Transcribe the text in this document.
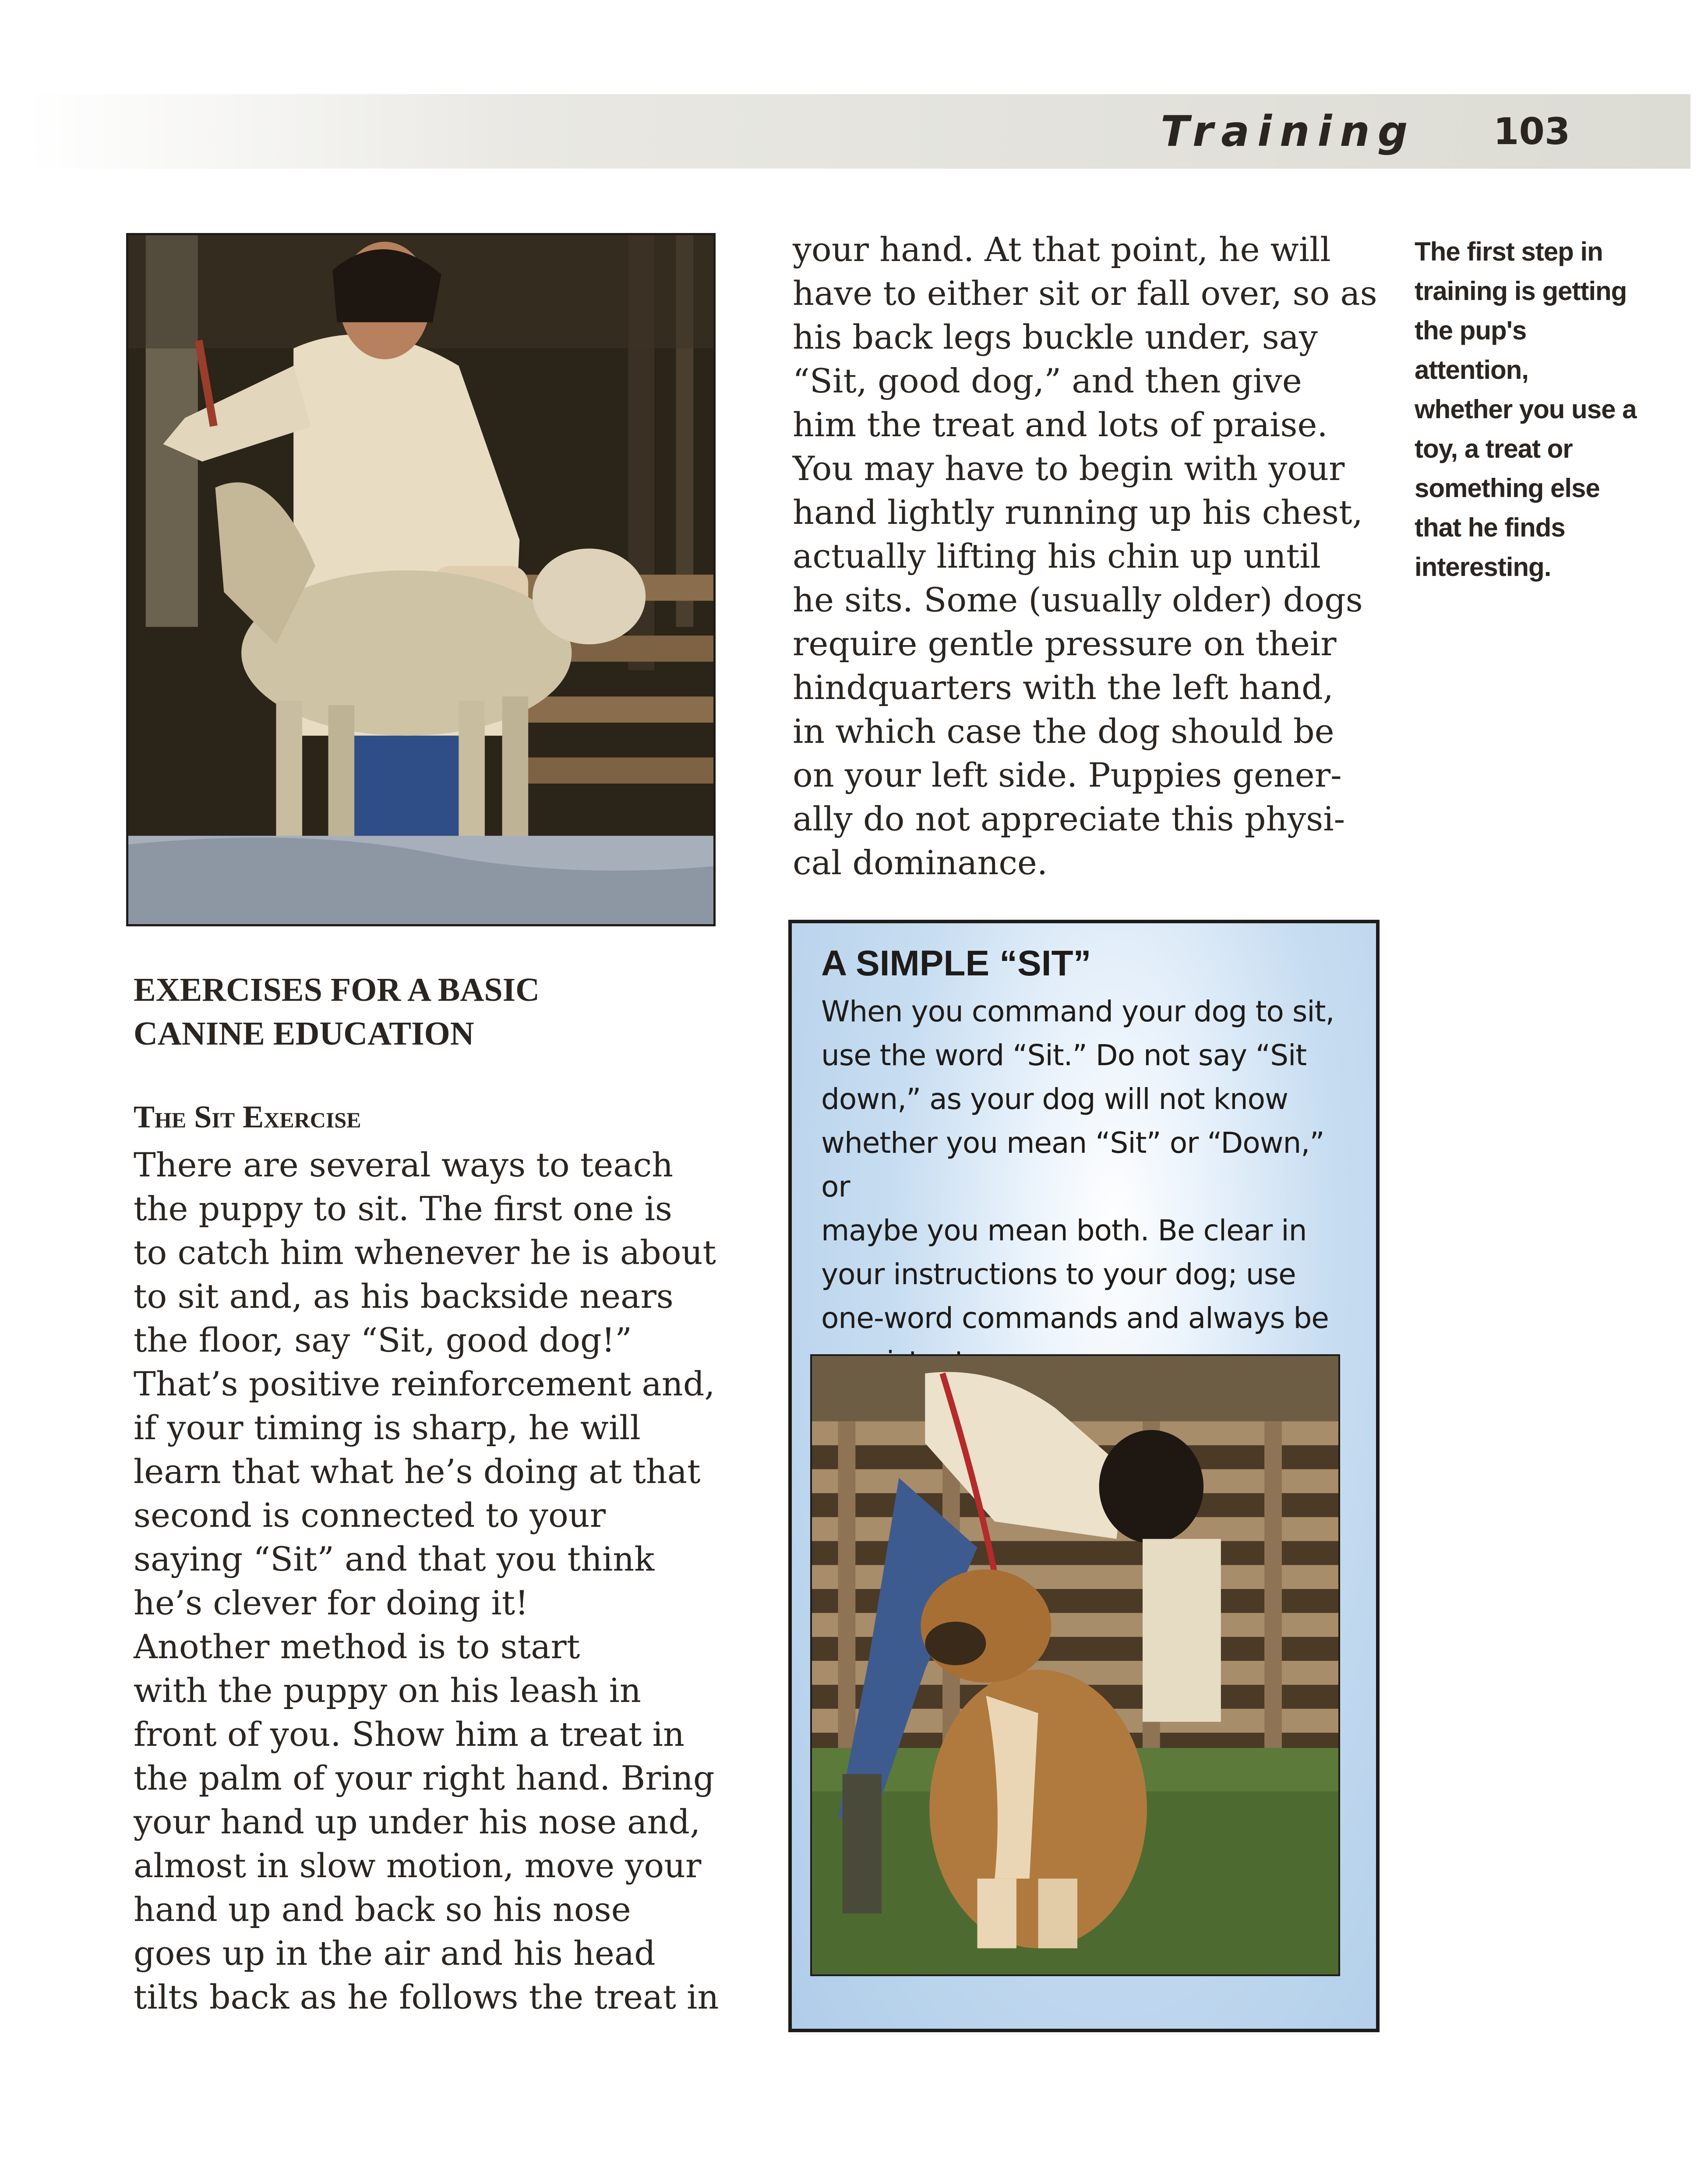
Training 103

The first step in
training is getting
the pup's
attention,
whether you use a
toy, a treat or
something else
that he finds
interesting.

EXERCISES FOR A BASIC
CANINE EDUCATION
The Sit Exercise

There are several ways to teach
the puppy to sit. The first one is
to catch him whenever he is about
to sit and, as his backside nears
the floor, say “Sit, good dog!”
That’s positive reinforcement and,
if your timing is sharp, he will
learn that what he’s doing at that
second is connected to your
saying “Sit” and that you think
he’s clever for doing it!
Another method is to start
with the puppy on his leash in
front of you. Show him a treat in
the palm of your right hand. Bring
your hand up under his nose and,
almost in slow motion, move your
hand up and back so his nose
goes up in the air and his head
tilts back as he follows the treat in

your hand. At that point, he will
have to either sit or fall over, so as
his back legs buckle under, say
“Sit, good dog,” and then give
him the treat and lots of praise.
You may have to begin with your
hand lightly running up his chest,
actually lifting his chin up until
he sits. Some (usually older) dogs
require gentle pressure on their
hindquarters with the left hand,
in which case the dog should be
on your left side. Puppies gener-
ally do not appreciate this physi-
cal dominance.

A SIMPLE “SIT”

When you command your dog to sit,
use the word “Sit.” Do not say “Sit
down,” as your dog will not know
whether you mean “Sit” or “Down,” or
maybe you mean both. Be clear in
your instructions to your dog; use
one-word commands and always be
